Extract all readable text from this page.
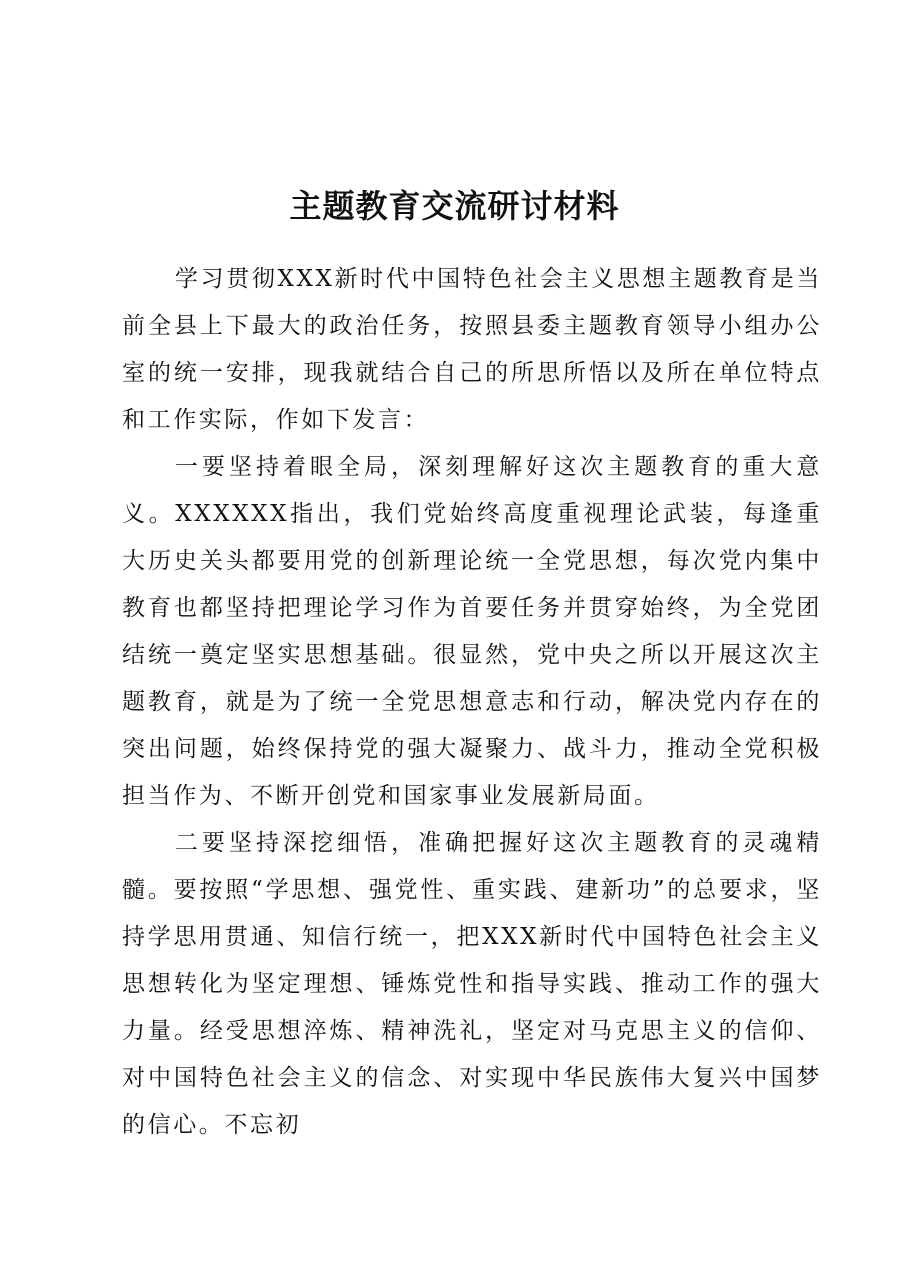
主题教育交流研讨材料

学习贯彻XXX新时代中国特色社会主义思想主题教育是当前全县上下最大的政治任务，按照县委主题教育领导小组办公室的统一安排，现我就结合自己的所思所悟以及所在单位特点和工作实际，作如下发言：

一要坚持着眼全局，深刻理解好这次主题教育的重大意义。XXXXXX指出，我们党始终高度重视理论武装，每逢重大历史关头都要用党的创新理论统一全党思想，每次党内集中教育也都坚持把理论学习作为首要任务并贯穿始终，为全党团结统一奠定坚实思想基础。很显然，党中央之所以开展这次主题教育，就是为了统一全党思想意志和行动，解决党内存在的突出问题，始终保持党的强大凝聚力、战斗力，推动全党积极担当作为、不断开创党和国家事业发展新局面。

二要坚持深挖细悟，准确把握好这次主题教育的灵魂精髓。要按照“学思想、强党性、重实践、建新功”的总要求，坚持学思用贯通、知信行统一，把XXX新时代中国特色社会主义思想转化为坚定理想、锤炼党性和指导实践、推动工作的强大力量。经受思想淬炼、精神洗礼，坚定对马克思主义的信仰、对中国特色社会主义的信念、对实现中华民族伟大复兴中国梦的信心。不忘初
